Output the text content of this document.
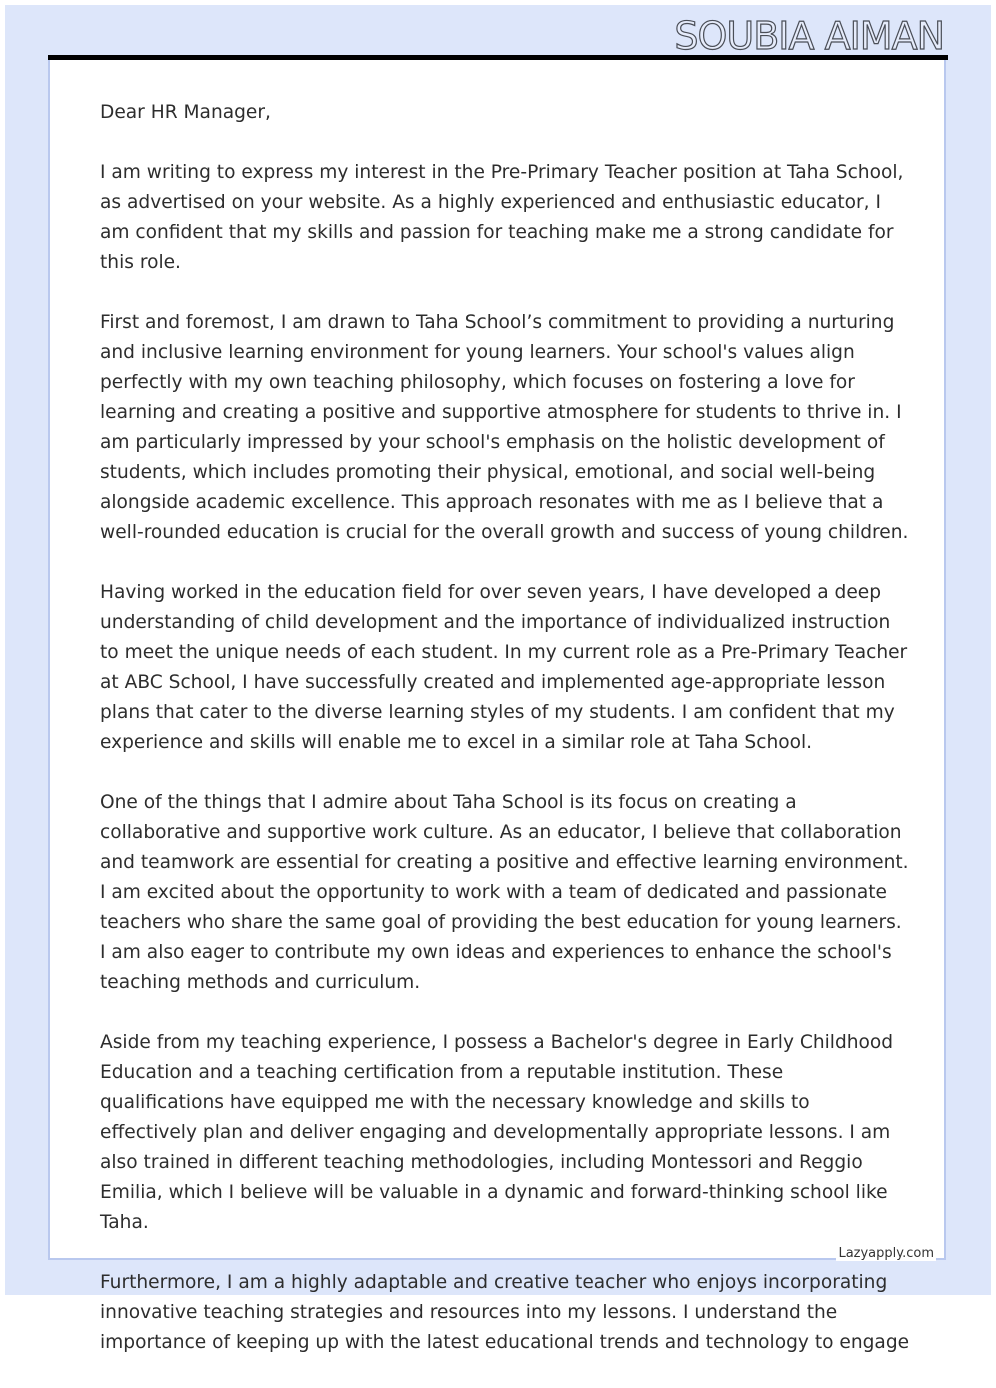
SOUBIA AIMAN

Dear HR Manager,

I am writing to express my interest in the Pre-Primary Teacher position at Taha School, as advertised on your website. As a highly experienced and enthusiastic educator, I am confident that my skills and passion for teaching make me a strong candidate for this role.

First and foremost, I am drawn to Taha School’s commitment to providing a nurturing and inclusive learning environment for young learners. Your school's values align perfectly with my own teaching philosophy, which focuses on fostering a love for learning and creating a positive and supportive atmosphere for students to thrive in. I am particularly impressed by your school's emphasis on the holistic development of students, which includes promoting their physical, emotional, and social well-being alongside academic excellence. This approach resonates with me as I believe that a well-rounded education is crucial for the overall growth and success of young children.

Having worked in the education field for over seven years, I have developed a deep understanding of child development and the importance of individualized instruction to meet the unique needs of each student. In my current role as a Pre-Primary Teacher at ABC School, I have successfully created and implemented age-appropriate lesson plans that cater to the diverse learning styles of my students. I am confident that my experience and skills will enable me to excel in a similar role at Taha School.

One of the things that I admire about Taha School is its focus on creating a collaborative and supportive work culture. As an educator, I believe that collaboration and teamwork are essential for creating a positive and effective learning environment. I am excited about the opportunity to work with a team of dedicated and passionate teachers who share the same goal of providing the best education for young learners. I am also eager to contribute my own ideas and experiences to enhance the school's teaching methods and curriculum.

Aside from my teaching experience, I possess a Bachelor's degree in Early Childhood Education and a teaching certification from a reputable institution. These qualifications have equipped me with the necessary knowledge and skills to effectively plan and deliver engaging and developmentally appropriate lessons. I am also trained in different teaching methodologies, including Montessori and Reggio Emilia, which I believe will be valuable in a dynamic and forward-thinking school like Taha.

Furthermore, I am a highly adaptable and creative teacher who enjoys incorporating innovative teaching strategies and resources into my lessons. I understand the importance of keeping up with the latest educational trends and technology to engage

Lazyapply.com
